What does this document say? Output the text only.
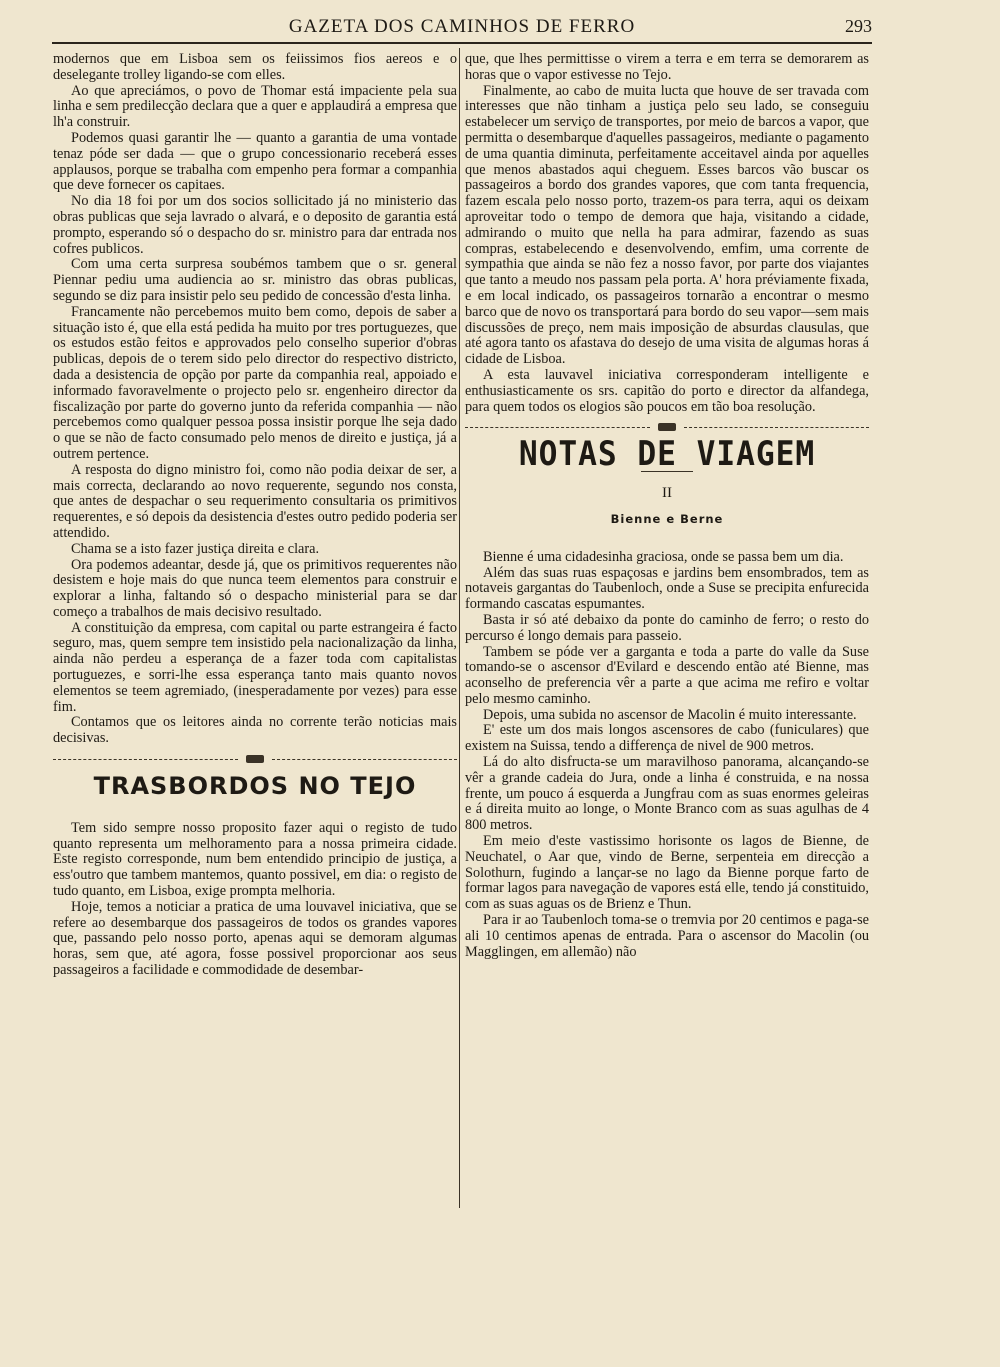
GAZETA DOS CAMINHOS DE FERRO	293

modernos que em Lisboa sem os feiissimos fios aereos e o deselegante trolley ligando-se com elles.

Ao que apreciámos, o povo de Thomar está impaciente pela sua linha e sem predilecção declara que a quer e applaudirá a empresa que lh'a construir.

Podemos quasi garantir lhe — quanto a garantia de uma vontade tenaz póde ser dada — que o grupo concessionario receberá esses applausos, porque se trabalha com empenho pera formar a companhia que deve fornecer os capitaes.

No dia 18 foi por um dos socios sollicitado já no ministerio das obras publicas que seja lavrado o alvará, e o deposito de garantia está prompto, esperando só o despacho do sr. ministro para dar entrada nos cofres publicos.

Com uma certa surpresa soubémos tambem que o sr. general Piennar pediu uma audiencia ao sr. ministro das obras publicas, segundo se diz para insistir pelo seu pedido de concessão d'esta linha.

Francamente não percebemos muito bem como, depois de saber a situação isto é, que ella está pedida ha muito por tres portuguezes, que os estudos estão feitos e approvados pelo conselho superior d'obras publicas, depois de o terem sido pelo director do respectivo districto, dada a desistencia de opção por parte da companhia real, appoiado e informado favoravelmente o projecto pelo sr. engenheiro director da fiscalização por parte do governo junto da referida companhia — não percebemos como qualquer pessoa possa insistir porque lhe seja dado o que se não de facto consumado pelo menos de direito e justiça, já a outrem pertence.

A resposta do digno ministro foi, como não podia deixar de ser, a mais correcta, declarando ao novo requerente, segundo nos consta, que antes de despachar o seu requerimento consultaria os primitivos requerentes, e só depois da desistencia d'estes outro pedido poderia ser attendido.

Chama se a isto fazer justiça direita e clara.

Ora podemos adeantar, desde já, que os primitivos requerentes não desistem e hoje mais do que nunca teem elementos para construir e explorar a linha, faltando só o despacho ministerial para se dar começo a trabalhos de mais decisivo resultado.

A constituição da empresa, com capital ou parte estrangeira é facto seguro, mas, quem sempre tem insistido pela nacionalização da linha, ainda não perdeu a esperança de a fazer toda com capitalistas portuguezes, e sorri-lhe essa esperança tanto mais quanto novos elementos se teem agremiado, (inesperadamente por vezes) para esse fim.

Contamos que os leitores ainda no corrente terão noticias mais decisivas.

TRASBORDOS NO TEJO

Tem sido sempre nosso proposito fazer aqui o registo de tudo quanto representa um melhoramento para a nossa primeira cidade. Este registo corresponde, num bem entendido principio de justiça, a ess'outro que tambem mantemos, quanto possivel, em dia: o registo de tudo quanto, em Lisboa, exige prompta melhoria.

Hoje, temos a noticiar a pratica de uma louvavel iniciativa, que se refere ao desembarque dos passageiros de todos os grandes vapores que, passando pelo nosso porto, apenas aqui se demoram algumas horas, sem que, até agora, fosse possivel proporcionar aos seus passageiros a facilidade e commodidade de desembar-

que, que lhes permittisse o virem a terra e em terra se demorarem as horas que o vapor estivesse no Tejo.

Finalmente, ao cabo de muita lucta que houve de ser travada com interesses que não tinham a justiça pelo seu lado, se conseguiu estabelecer um serviço de transportes, por meio de barcos a vapor, que permitta o desembarque d'aquelles passageiros, mediante o pagamento de uma quantia diminuta, perfeitamente acceitavel ainda por aquelles que menos abastados aqui cheguem. Esses barcos vão buscar os passageiros a bordo dos grandes vapores, que com tanta frequencia, fazem escala pelo nosso porto, trazem-os para terra, aqui os deixam aproveitar todo o tempo de demora que haja, visitando a cidade, admirando o muito que nella ha para admirar, fazendo as suas compras, estabelecendo e desenvolvendo, emfim, uma corrente de sympathia que ainda se não fez a nosso favor, por parte dos viajantes que tanto a meudo nos passam pela porta. A' hora préviamente fixada, e em local indicado, os passageiros tornarão a encontrar o mesmo barco que de novo os transportará para bordo do seu vapor—sem mais discussões de preço, nem mais imposição de absurdas clausulas, que até agora tanto os afastava do desejo de uma visita de algumas horas á cidade de Lisboa.

A esta lauvavel iniciativa corresponderam intelligente e enthusiasticamente os srs. capitão do porto e director da alfandega, para quem todos os elogios são poucos em tão boa resolução.

NOTAS DE VIAGEM
II
Bienne e Berne

Bienne é uma cidadesinha graciosa, onde se passa bem um dia.

Além das suas ruas espaçosas e jardins bem ensombrados, tem as notaveis gargantas do Taubenloch, onde a Suse se precipita enfurecida formando cascatas espumantes.

Basta ir só até debaixo da ponte do caminho de ferro; o resto do percurso é longo demais para passeio.

Tambem se póde ver a garganta e toda a parte do valle da Suse tomando-se o ascensor d'Evilard e descendo então até Bienne, mas aconselho de preferencia vêr a parte a que acima me refiro e voltar pelo mesmo caminho.

Depois, uma subida no ascensor de Macolin é muito interessante.

E' este um dos mais longos ascensores de cabo (funiculares) que existem na Suissa, tendo a differença de nivel de 900 metros.

Lá do alto disfructa-se um maravilhoso panorama, alcançando-se vêr a grande cadeia do Jura, onde a linha é construida, e na nossa frente, um pouco á esquerda a Jungfrau com as suas enormes geleiras e á direita muito ao longe, o Monte Branco com as suas agulhas de 4 800 metros.

Em meio d'este vastissimo horisonte os lagos de Bienne, de Neuchatel, o Aar que, vindo de Berne, serpenteia em direcção a Solothurn, fugindo a lançar-se no lago da Bienne porque farto de formar lagos para navegação de vapores está elle, tendo já constituido, com as suas aguas os de Brienz e Thun.

Para ir ao Taubenloch toma-se o tremvia por 20 centimos e paga-se ali 10 centimos apenas de entrada. Para o ascensor do Macolin (ou Magglingen, em allemão) não
